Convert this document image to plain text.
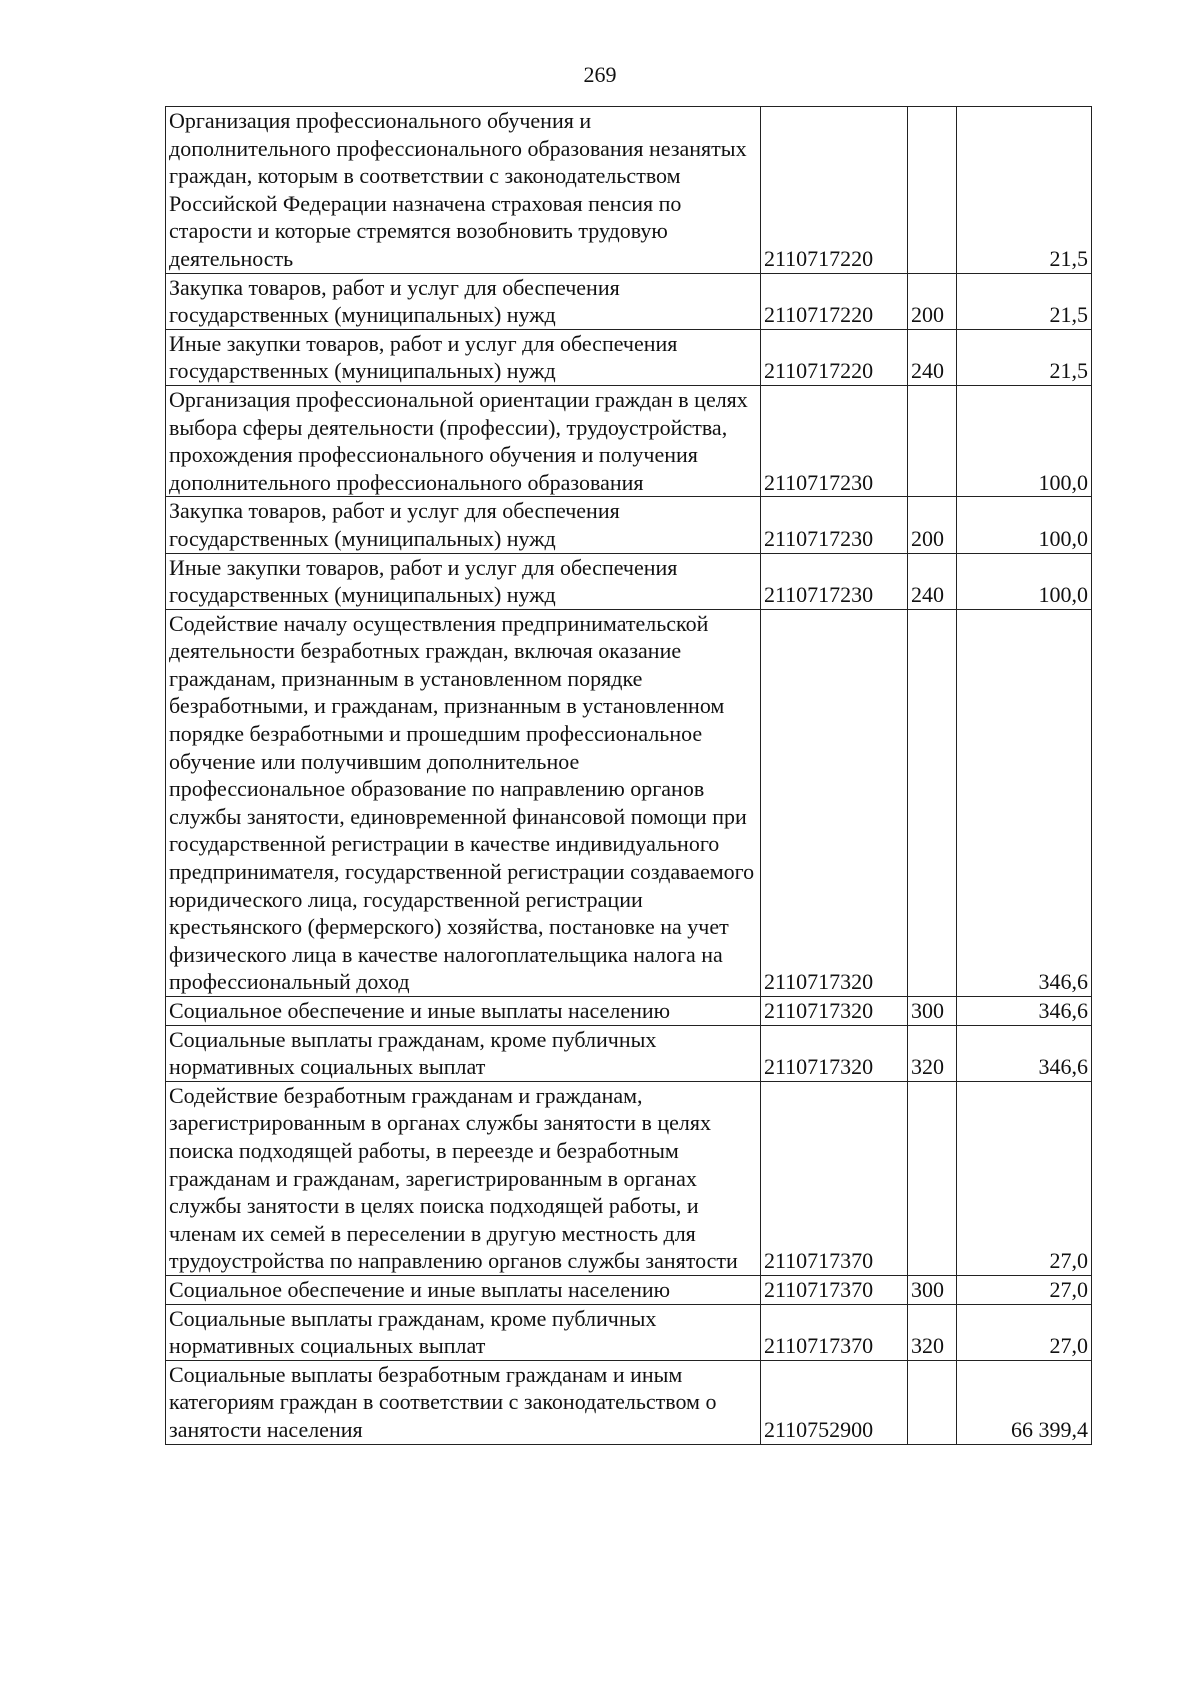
269
Организация профессионального обучения и дополнительного профессионального образования незанятых граждан, которым в соответствии с законодательством Российской Федерации назначена страховая пенсия по старости и которые стремятся возобновить трудовую деятельность	2110717220		21,5
Закупка товаров, работ и услуг для обеспечения государственных (муниципальных) нужд	2110717220	200	21,5
Иные закупки товаров, работ и услуг для обеспечения государственных (муниципальных) нужд	2110717220	240	21,5
Организация профессиональной ориентации граждан в целях выбора сферы деятельности (профессии), трудоустройства, прохождения профессионального обучения и получения дополнительного профессионального образования	2110717230		100,0
Закупка товаров, работ и услуг для обеспечения государственных (муниципальных) нужд	2110717230	200	100,0
Иные закупки товаров, работ и услуг для обеспечения государственных (муниципальных) нужд	2110717230	240	100,0
Содействие началу осуществления предпринимательской деятельности безработных граждан, включая оказание гражданам, признанным в установленном порядке безработными, и гражданам, признанным в установленном порядке безработными и прошедшим профессиональное обучение или получившим дополнительное профессиональное образование по направлению органов службы занятости, единовременной финансовой помощи при государственной регистрации в качестве индивидуального предпринимателя, государственной регистрации создаваемого юридического лица, государственной регистрации крестьянского (фермерского) хозяйства, постановке на учет физического лица в качестве налогоплательщика налога на профессиональный доход	2110717320		346,6
Социальное обеспечение и иные выплаты населению	2110717320	300	346,6
Социальные выплаты гражданам, кроме публичных нормативных социальных выплат	2110717320	320	346,6
Содействие безработным гражданам и гражданам, зарегистрированным в органах службы занятости в целях поиска подходящей работы, в переезде и безработным гражданам и гражданам, зарегистрированным в органах службы занятости в целях поиска подходящей работы, и членам их семей в переселении в другую местность для трудоустройства по направлению органов службы занятости	2110717370		27,0
Социальное обеспечение и иные выплаты населению	2110717370	300	27,0
Социальные выплаты гражданам, кроме публичных нормативных социальных выплат	2110717370	320	27,0
Социальные выплаты безработным гражданам и иным категориям граждан в соответствии с законодательством о занятости населения	2110752900		66 399,4
